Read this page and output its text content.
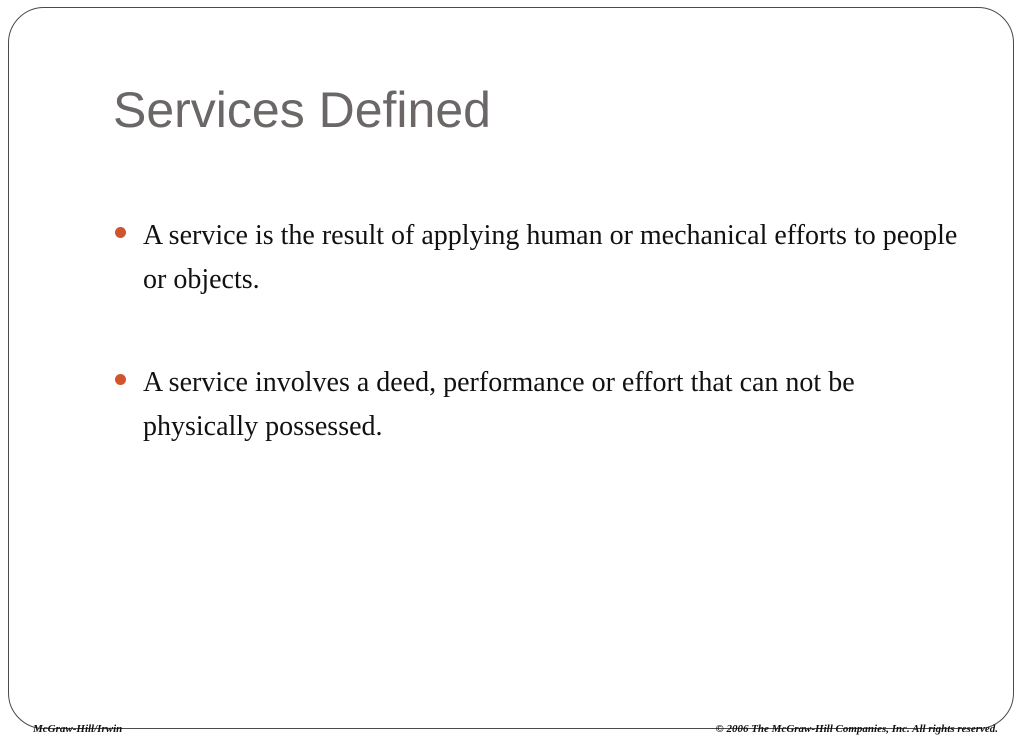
Services Defined
A service is the result of applying human or mechanical efforts to people or objects.
A service involves a deed, performance or effort that can not be physically possessed.
McGraw-Hill/Irwin	© 2006 The McGraw-Hill Companies, Inc. All rights reserved.
